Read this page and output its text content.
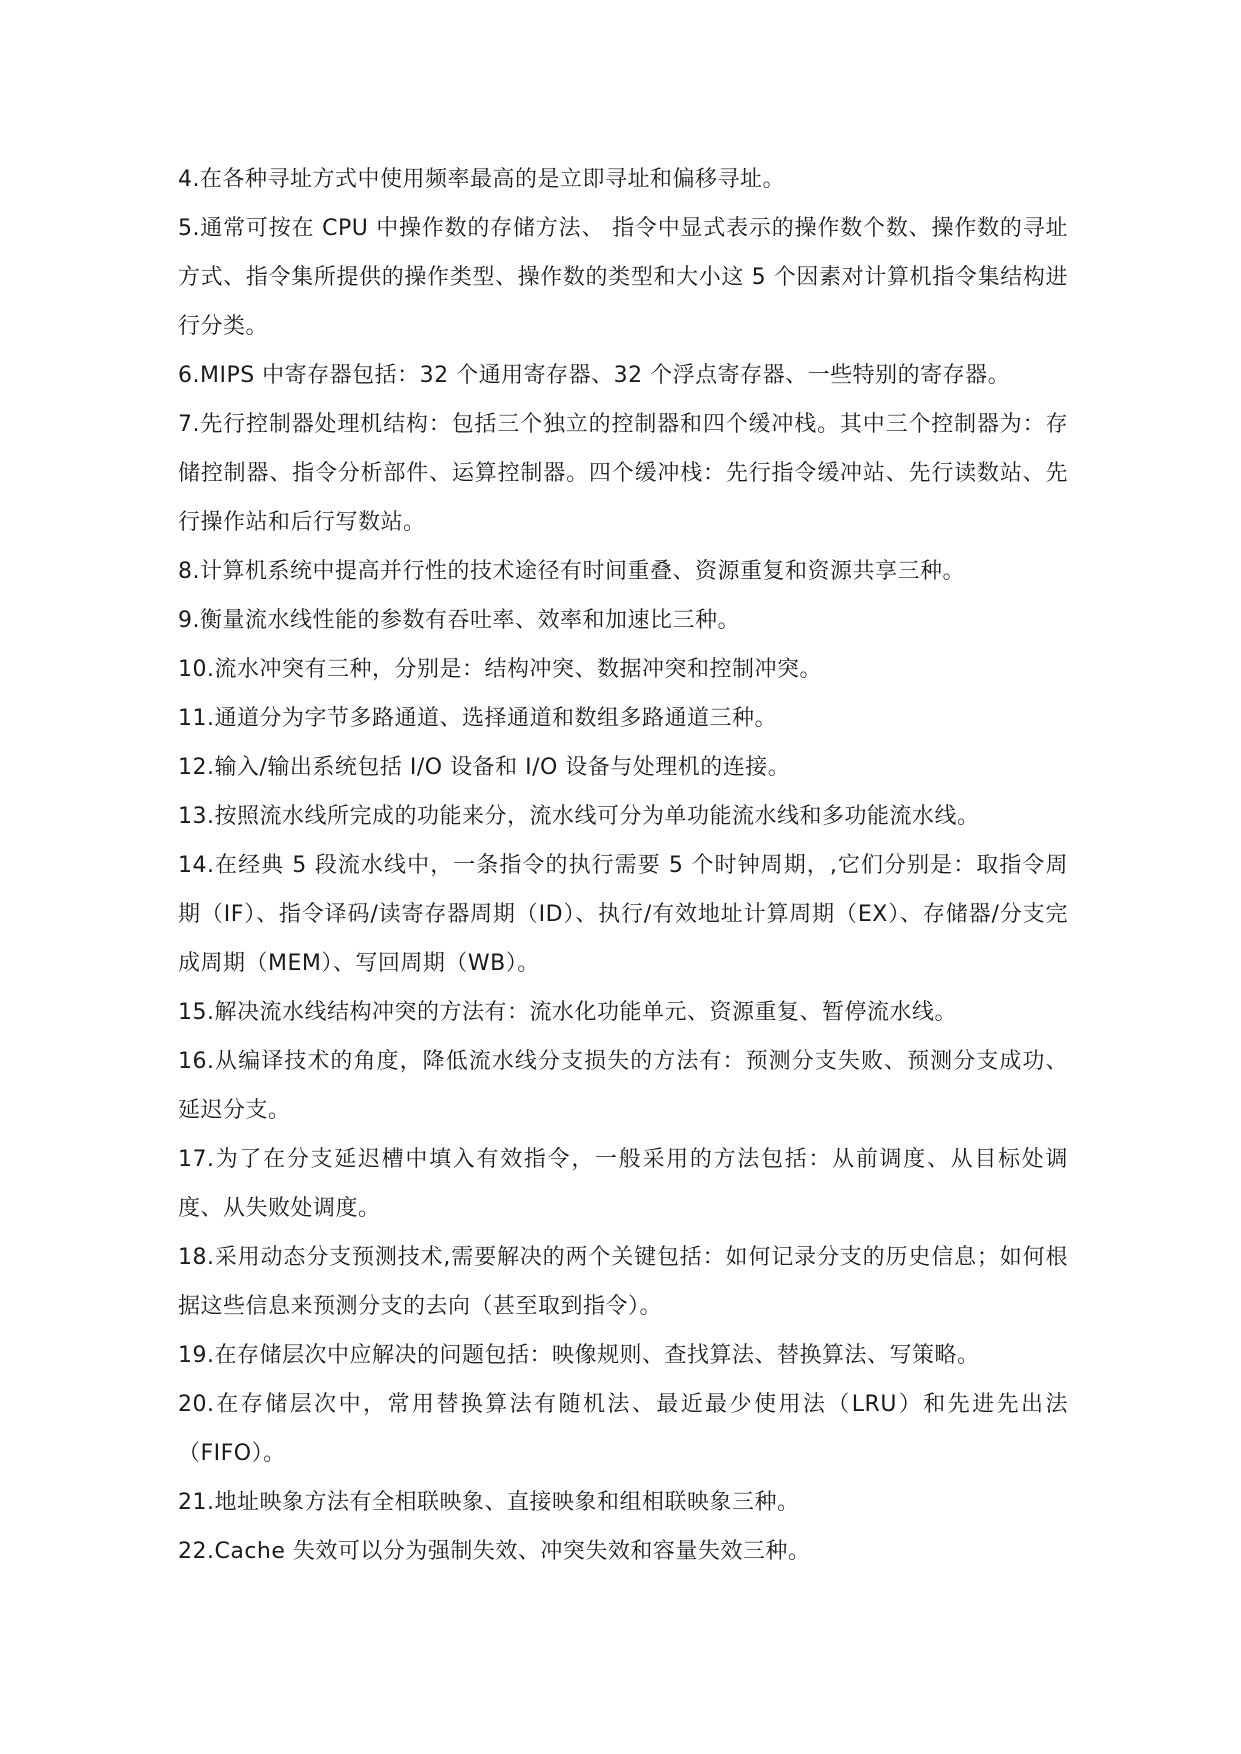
4.在各种寻址方式中使用频率最高的是立即寻址和偏移寻址。

5.通常可按在 CPU 中操作数的存储方法、 指令中显式表示的操作数个数、操作数的寻址方式、指令集所提供的操作类型、操作数的类型和大小这 5 个因素对计算机指令集结构进行分类。

6.MIPS 中寄存器包括：32 个通用寄存器、32 个浮点寄存器、一些特别的寄存器。

7.先行控制器处理机结构：包括三个独立的控制器和四个缓冲栈。其中三个控制器为：存储控制器、指令分析部件、运算控制器。四个缓冲栈：先行指令缓冲站、先行读数站、先行操作站和后行写数站。

8.计算机系统中提高并行性的技术途径有时间重叠、资源重复和资源共享三种。

9.衡量流水线性能的参数有吞吐率、效率和加速比三种。

10.流水冲突有三种，分别是：结构冲突、数据冲突和控制冲突。

11.通道分为字节多路通道、选择通道和数组多路通道三种。

12.输入/输出系统包括 I/O 设备和 I/O 设备与处理机的连接。

13.按照流水线所完成的功能来分，流水线可分为单功能流水线和多功能流水线。

14.在经典 5 段流水线中，一条指令的执行需要 5 个时钟周期，,它们分别是：取指令周期（IF）、指令译码/读寄存器周期（ID）、执行/有效地址计算周期（EX）、存储器/分支完成周期（MEM）、写回周期（WB）。

15.解决流水线结构冲突的方法有：流水化功能单元、资源重复、暂停流水线。

16.从编译技术的角度，降低流水线分支损失的方法有：预测分支失败、预测分支成功、延迟分支。

17.为了在分支延迟槽中填入有效指令，一般采用的方法包括：从前调度、从目标处调度、从失败处调度。

18.采用动态分支预测技术,需要解决的两个关键包括：如何记录分支的历史信息；如何根据这些信息来预测分支的去向（甚至取到指令）。

19.在存储层次中应解决的问题包括：映像规则、查找算法、替换算法、写策略。

20.在存储层次中，常用替换算法有随机法、最近最少使用法（LRU）和先进先出法（FIFO）。

21.地址映象方法有全相联映象、直接映象和组相联映象三种。

22.Cache 失效可以分为强制失效、冲突失效和容量失效三种。
